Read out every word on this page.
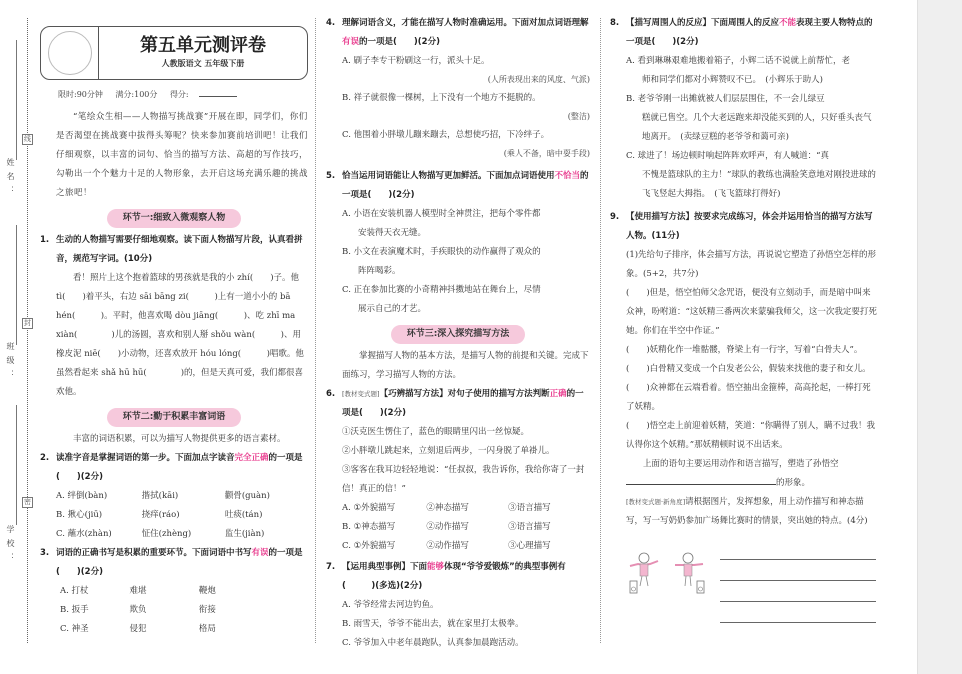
线
封
密
姓名：
班级：
学校：
第五单元测评卷
人教版语文 五年级下册
限时:90分钟 满分:100分 得分:
“笔绘众生相——人物描写挑战赛”开展在即，同学们，你们是否渴望在挑战赛中拔得头筹呢？快来参加赛前培训吧！让我们仔细观察，以丰富的词句、恰当的描写方法、高超的写作技巧，勾勒出一个个魅力十足的人物形象，去开启这场充满乐趣的挑战之旅吧！
环节一:细致入微观察人物
1. 生动的人物描写需要仔细地观察。读下面人物描写片段，认真看拼音，规范写字词。(10分)
看！照片上这个抱着篮球的男孩就是我的小 zhí(　　)子。他 tì(　　)着平头，右边 sāi bāng zi(　　　)上有一道小小的 bā hén(　　　)。平时，他喜欢喝 dòu jiāng(　　　)、吃 zhī ma xiàn(　　　　)儿的汤圆，喜欢和别人掰 shǒu wàn(　　　)、用橡皮泥 niē(　　)小动物，还喜欢放开 hóu lóng(　　　)唱歌。他虽然看起来 shǎ hū hū(　　　　)的，但是天真可爱，我们都很喜欢他。
环节二:勤于积累丰富词语
丰富的词语积累，可以为描写人物提供更多的语言素材。
2. 读准字音是掌握词语的第一步。下面加点字读音完全正确的一项是(　　)(2分)
A. 绊倒(bàn)	揩拭(kāi)	颧骨(guàn)
B. 揪心(jiū)	挠痒(ráo)	吐痰(tán)
C. 蘸水(zhàn)	怔住(zhèng)	监生(jiàn)
3. 词语的正确书写是积累的重要环节。下面词语中书写有误的一项是(　　)(2分)
A. 打杖	难堪	鞭炮
B. 扳手	欺负	衔接
C. 神圣	侵犯	格局
4. 理解词语含义，才能在描写人物时准确运用。下面对加点词语理解有误的一项是(　　)(2分)
A. 刷子李专干粉刷这一行，派头十足。
(人所表现出来的风度、气派)
B. 祥子就很像一棵树，上下没有一个地方不挺脱的。
(整洁)
C. 他围着小胖墩儿蹦来蹦去，总想使巧招，下冷绊子。
(乘人不备，暗中耍手段)
5. 恰当运用词语能让人物描写更加鲜活。下面加点词语使用不恰当的一项是(　　)(2分)
A. 小语在安装机器人模型时全神贯注，把每个零件都
安装得天衣无缝。
B. 小文在表演魔术时，手疾眼快的动作赢得了观众的
阵阵喝彩。
C. 正在参加比赛的小奇精神抖擞地站在舞台上，尽情
展示自己的才艺。
环节三:深入探究描写方法
掌握描写人物的基本方法，是描写人物的前提和关键。完成下面练习，学习描写人物的方法。
6. [教材变式题]【巧辨描写方法】对句子使用的描写方法判断正确的一项是(　　)(2分)
①沃克医生愣住了，蓝色的眼睛里闪出一丝惊疑。
②小胖墩儿跳起来，立刻退后两步，一闪身脱了单褂儿。
③客客在我耳边轻轻地说：“任叔叔，我告诉你，我给你寄了一封信！真正的信！”
A. ①外貌描写	②神态描写	③语言描写
B. ①神态描写	②动作描写	③语言描写
C. ①外貌描写	②动作描写	③心理描写
7. 【运用典型事例】下面能够体现“爷爷爱锻炼”的典型事例有(　　　)(多选)(2分)
A. 爷爷经常去河边钓鱼。
B. 雨雪天，爷爷不能出去，就在家里打太极拳。
C. 爷爷加入中老年晨跑队，认真参加晨跑活动。
8. 【描写周围人的反应】下面周围人的反应不能表现主要人物特点的一项是(　　)(2分)
A. 看到琳琳艰难地搬着箱子，小辉二话不说就上前帮忙，老
师和同学们都对小辉赞叹不已。　(小辉乐于助人)
B. 老爷爷刚一出摊就被人们层层围住，不一会儿绿豆
糕就已售空。几个大老远跑来却没能买到的人，只好垂头丧气地离开。　(卖绿豆糕的老爷爷和蔼可亲)
C. 球进了！场边顿时响起阵阵欢呼声，有人喊道：“真
不愧是篮球队的主力！”球队的教练也满脸笑意地对刚投进球的飞飞竖起大拇指。　(飞飞篮球打得好)
9. 【使用描写方法】按要求完成练习，体会并运用恰当的描写方法写人物。(11分)
(1)先给句子排序，体会描写方法，再说说它塑造了孙悟空怎样的形象。(5+2，共7分)
(　　)但是，悟空怕师父念咒语，便没有立刻动手，而是暗中叫来众神，吩咐道：“这妖精三番两次来蒙骗我师父，这一次我定要打死她。你们在半空中作证。”
(　　)妖精化作一堆骷髅，脊梁上有一行字，写着“白骨夫人”。
(　　)白骨精又变成一个白发老公公，假装来找他的妻子和女儿。
(　　)众神都在云端看着。悟空抽出金箍棒，高高抡起，一棒打死了妖精。
(　　)悟空走上前迎着妖精，笑道：“你瞒得了别人，瞒不过我！我认得你这个妖精。”那妖精顿时说不出话来。
上面的语句主要运用动作和语言描写，塑造了孙悟空的形象。
[教材变式题·新角度]请根据图片，发挥想象，用上动作描写和神态描写，写一写奶奶参加广场舞比赛时的情景，突出她的特点。(4分)
